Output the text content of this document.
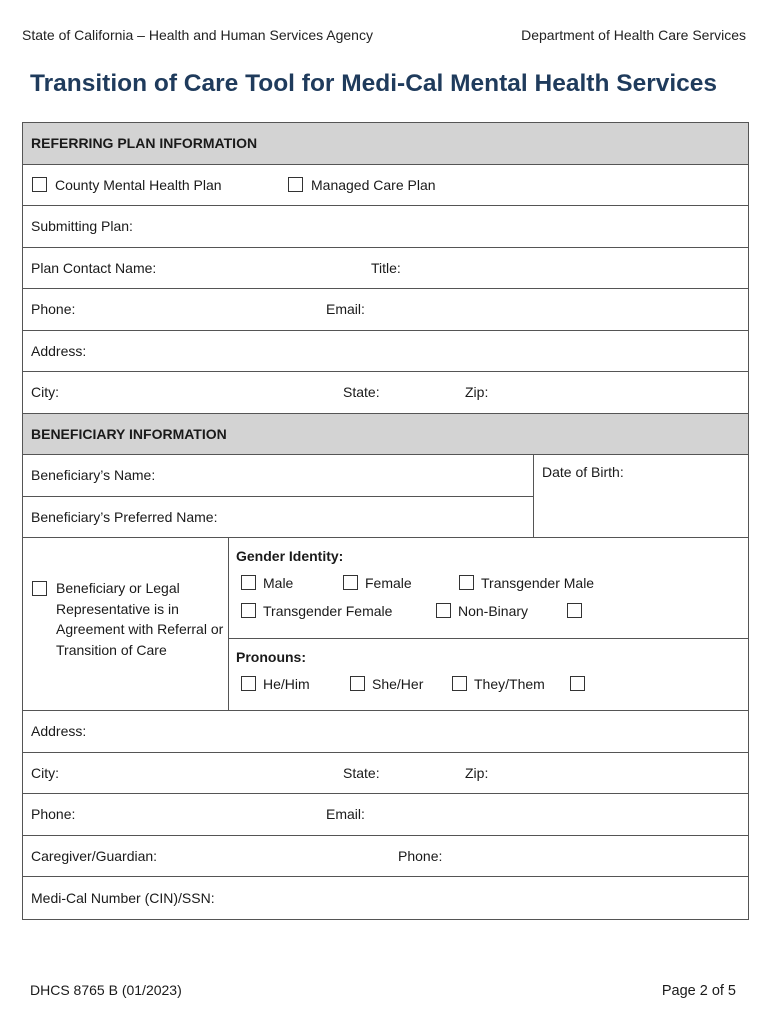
State of California – Health and Human Services Agency	Department of Health Care Services
Transition of Care Tool for Medi-Cal Mental Health Services
REFERRING PLAN INFORMATION
County Mental Health Plan	Managed Care Plan
Submitting Plan:
Plan Contact Name:	Title:
Phone:	Email:
Address:
City:	State:	Zip:
BENEFICIARY INFORMATION
Beneficiary’s Name:
Beneficiary’s Preferred Name:
Date of Birth:
Beneficiary or Legal Representative is in Agreement with Referral or Transition of Care
Gender Identity:
Male	Female	Transgender Male
Transgender Female	Non-Binary
Pronouns:
He/Him	She/Her	They/Them
Address:
City:	State:	Zip:
Phone:	Email:
Caregiver/Guardian:	Phone:
Medi-Cal Number (CIN)/SSN:
DHCS 8765 B (01/2023)	Page 2 of 5
